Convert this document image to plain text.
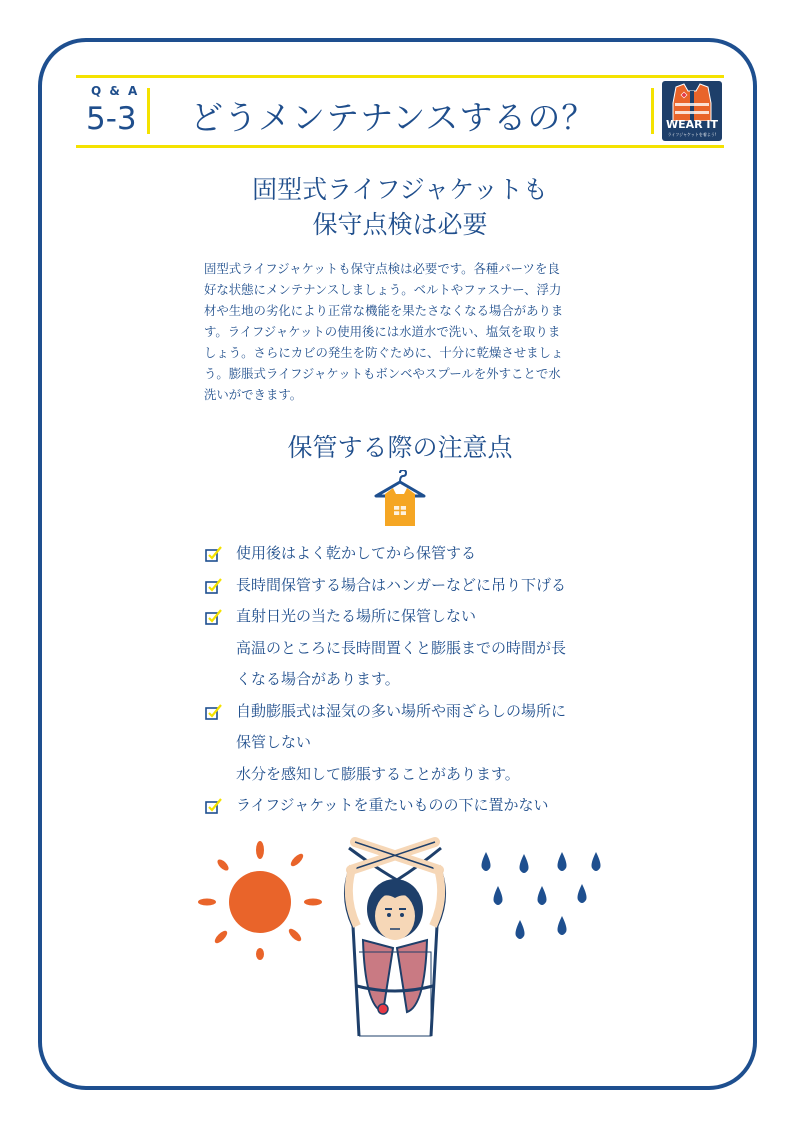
Q & A
5-3 どうメンテナンスするの？	WEAR IT
ライフジャケットを着よう!
固型式ライフジャケットも
保守点検は必要
固型式ライフジャケットも保守点検は必要です。各種パーツを良
好な状態にメンテナンスしましょう。ベルトやファスナー、浮力
材や生地の劣化により正常な機能を果たさなくなる場合がありま
す。ライフジャケットの使用後には水道水で洗い、塩気を取りま
しょう。さらにカビの発生を防ぐために、十分に乾燥させましょ
う。膨脹式ライフジャケットもボンベやスプールを外すことで水
洗いができます。
保管する際の注意点
使用後はよく乾かしてから保管する
長時間保管する場合はハンガーなどに吊り下げる
直射日光の当たる場所に保管しない
高温のところに長時間置くと膨脹までの時間が長
くなる場合があります。
自動膨脹式は湿気の多い場所や雨ざらしの場所に
保管しない
水分を感知して膨脹することがあります。
ライフジャケットを重たいものの下に置かない
